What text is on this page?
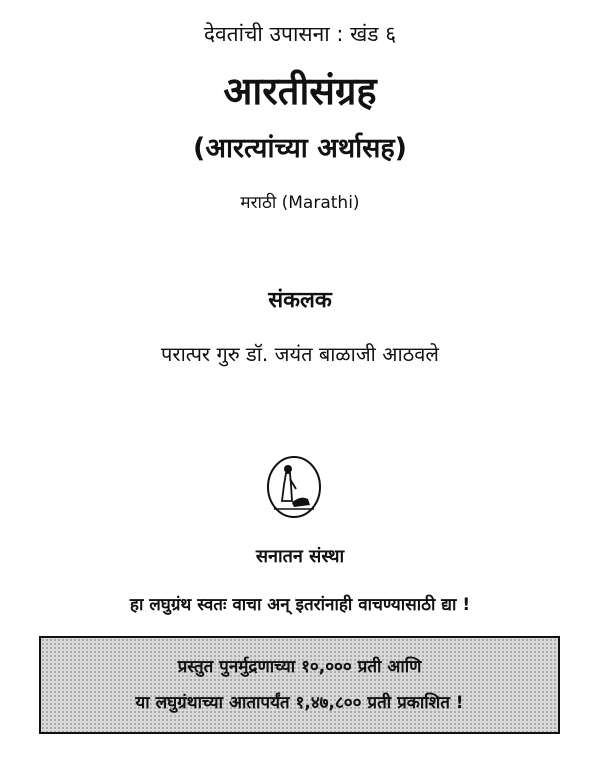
देवतांची उपासना : खंड ६
आरतीसंग्रह
(आरत्यांच्या अर्थासह)
मराठी (Marathi)
संकलक
परात्पर गुरु डॉ. जयंत बाळाजी आठवले
सनातन संस्था
हा लघुग्रंथ स्वतः वाचा अन् इतरांनाही वाचण्यासाठी द्या !
प्रस्तुत पुनर्मुद्रणाच्या १०,००० प्रती आणि
या लघुग्रंथाच्या आतापर्यंत १,४७,८०० प्रती प्रकाशित !
